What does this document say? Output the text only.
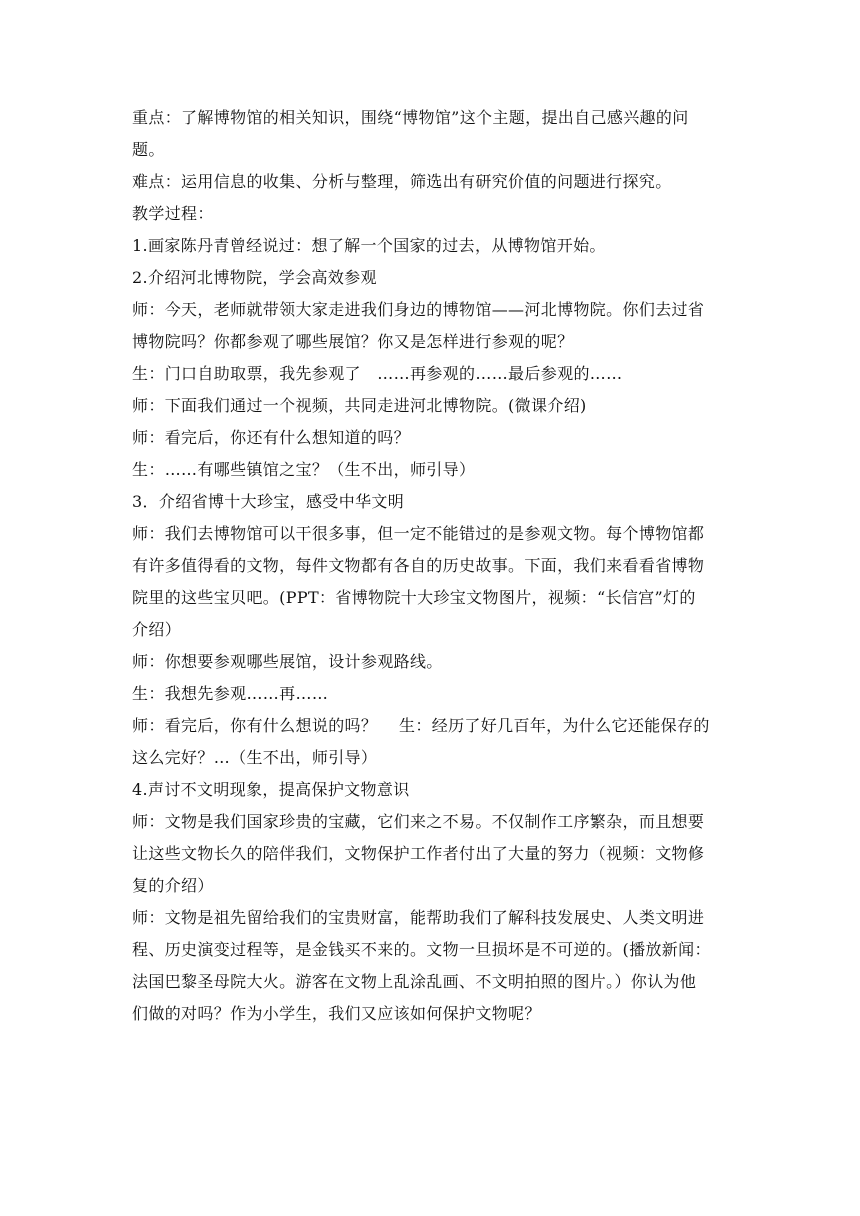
重点：了解博物馆的相关知识，围绕“博物馆”这个主题，提出自己感兴趣的问
题。
难点：运用信息的收集、分析与整理，筛选出有研究价值的问题进行探究。
教学过程：
1.画家陈丹青曾经说过：想了解一个国家的过去，从博物馆开始。
2.介绍河北博物院，学会高效参观
师：今天，老师就带领大家走进我们身边的博物馆——河北博物院。你们去过省
博物院吗？你都参观了哪些展馆？你又是怎样进行参观的呢？
生：门口自助取票，我先参观了　……再参观的……最后参观的……
师：下面我们通过一个视频，共同走进河北博物院。(微课介绍)
师：看完后，你还有什么想知道的吗？
生：……有哪些镇馆之宝？（生不出，师引导）
3．介绍省博十大珍宝，感受中华文明
师：我们去博物馆可以干很多事，但一定不能错过的是参观文物。每个博物馆都
有许多值得看的文物，每件文物都有各自的历史故事。下面，我们来看看省博物
院里的这些宝贝吧。(PPT：省博物院十大珍宝文物图片，视频：“长信宫”灯的
介绍）
师：你想要参观哪些展馆，设计参观路线。
生：我想先参观……再……
师：看完后，你有什么想说的吗？　 生：经历了好几百年，为什么它还能保存的
这么完好？…（生不出，师引导）
4.声讨不文明现象，提高保护文物意识
师：文物是我们国家珍贵的宝藏，它们来之不易。不仅制作工序繁杂，而且想要
让这些文物长久的陪伴我们，文物保护工作者付出了大量的努力（视频：文物修
复的介绍）
师：文物是祖先留给我们的宝贵财富，能帮助我们了解科技发展史、人类文明进
程、历史演变过程等，是金钱买不来的。文物一旦损坏是不可逆的。(播放新闻：
法国巴黎圣母院大火。游客在文物上乱涂乱画、不文明拍照的图片。）你认为他
们做的对吗？作为小学生，我们又应该如何保护文物呢？
